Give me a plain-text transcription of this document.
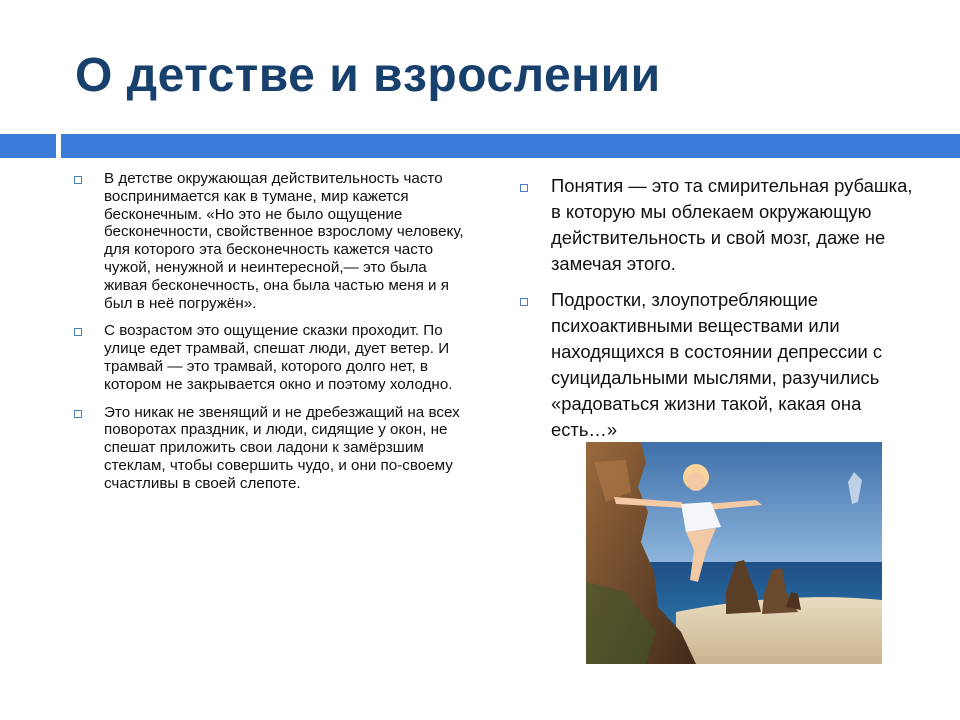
О детстве и взрослении
В детстве окружающая действительность часто воспринимается как в тумане, мир кажется бесконечным. «Но это не было ощущение бесконечности, свойственное взрослому человеку, для которого эта бесконечность кажется часто чужой, ненужной и неинтересной,— это была живая бесконечность, она была частью меня и я был в неё погружён».
С возрастом это ощущение сказки проходит. По улице едет трамвай, спешат люди, дует ветер. И трамвай — это трамвай, которого долго нет, в котором не закрывается окно и поэтому холодно.
Это никак не звенящий и не дребезжащий на всех поворотах праздник, и люди, сидящие у окон, не спешат приложить свои ладони к замёрзшим стеклам, чтобы совершить чудо, и они по-своему счастливы в своей слепоте.
Понятия — это та смирительная рубашка, в которую мы облекаем окружающую действительность и свой мозг, даже не замечая этого.
Подростки, злоупотребляющие психоактивными веществами или находящихся в состоянии депрессии с суицидальными мыслями, разучились «радоваться жизни такой, какая она есть…»
